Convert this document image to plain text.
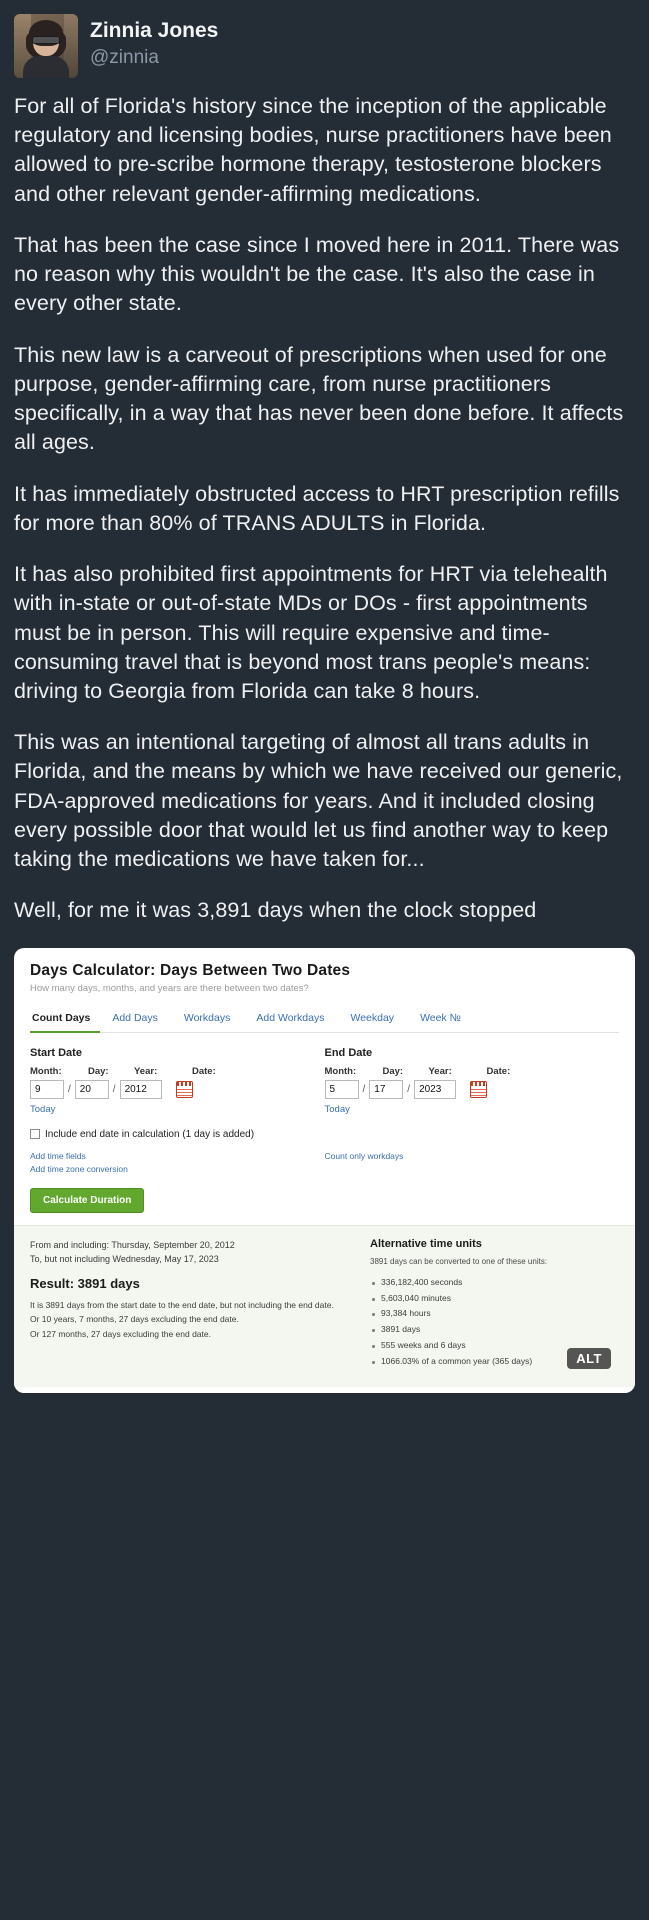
Zinnia Jones
@zinnia

For all of Florida's history since the inception of the applicable regulatory and licensing bodies, nurse practitioners have been allowed to pre-scribe hormone therapy, testosterone blockers and other relevant gender-affirming medications.

That has been the case since I moved here in 2011. There was no reason why this wouldn't be the case. It's also the case in every other state.

This new law is a carveout of prescriptions when used for one purpose, gender-affirming care, from nurse practitioners specifically, in a way that has never been done before. It affects all ages.

It has immediately obstructed access to HRT prescription refills for more than 80% of TRANS ADULTS in Florida.

It has also prohibited first appointments for HRT via telehealth with in-state or out-of-state MDs or DOs - first appointments must be in person. This will require expensive and time-consuming travel that is beyond most trans people's means: driving to Georgia from Florida can take 8 hours.

This was an intentional targeting of almost all trans adults in Florida, and the means by which we have received our generic, FDA-approved medications for years. And it included closing every possible door that would let us find another way to keep taking the medications we have taken for...

Well, for me it was 3,891 days when the clock stopped

Days Calculator: Days Between Two Dates
How many days, months, and years are there between two dates?
Count Days	Add Days	Workdays	Add Workdays	Weekday	Week №
Start Date
Month:	Day:	Year:	Date:
9	/ 20	/ 2012
Today
End Date
Month:	Day:	Year:	Date:
5	/ 17	/ 2023
Today
Include end date in calculation (1 day is added)
Add time fields
Add time zone conversion
Count only workdays
Calculate Duration
From and including: Thursday, September 20, 2012
To, but not including Wednesday, May 17, 2023
Result: 3891 days
It is 3891 days from the start date to the end date, but not including the end date.
Or 10 years, 7 months, 27 days excluding the end date.
Or 127 months, 27 days excluding the end date.
Alternative time units
3891 days can be converted to one of these units:
336,182,400 seconds
5,603,040 minutes
93,384 hours
3891 days
555 weeks and 6 days
1066.03% of a common year (365 days)	ALT
